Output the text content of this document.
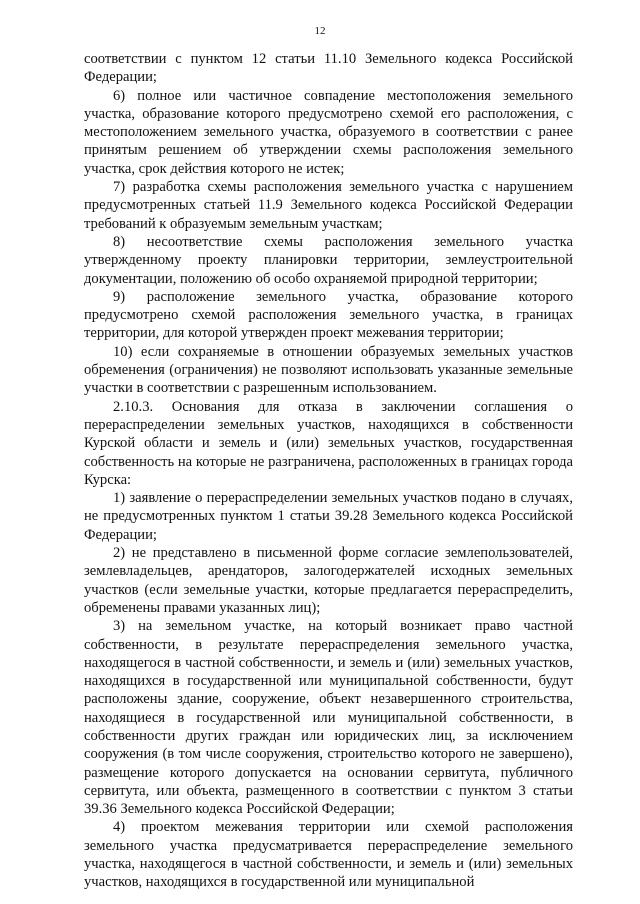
12

соответствии с пунктом 12 статьи 11.10 Земельного кодекса Российской Федерации;

6) полное или частичное совпадение местоположения земельного участка, образование которого предусмотрено схемой его расположения, с местоположением земельного участка, образуемого в соответствии с ранее принятым решением об утверждении схемы расположения земельного участка, срок действия которого не истек;

7) разработка схемы расположения земельного участка с нарушением предусмотренных статьей 11.9 Земельного кодекса Российской Федерации требований к образуемым земельным участкам;

8) несоответствие схемы расположения земельного участка утвержденному проекту планировки территории, землеустроительной документации, положению об особо охраняемой природной территории;

9) расположение земельного участка, образование которого предусмотрено схемой расположения земельного участка, в границах территории, для которой утвержден проект межевания территории;

10) если сохраняемые в отношении образуемых земельных участков обременения (ограничения) не позволяют использовать указанные земельные участки в соответствии с разрешенным использованием.

2.10.3. Основания для отказа в заключении соглашения о перераспределении земельных участков, находящихся в собственности Курской области и земель и (или) земельных участков, государственная собственность на которые не разграничена, расположенных в границах города Курска:

1) заявление о перераспределении земельных участков подано в случаях, не предусмотренных пунктом 1 статьи 39.28 Земельного кодекса Российской Федерации;

2) не представлено в письменной форме согласие землепользователей, землевладельцев, арендаторов, залогодержателей исходных земельных участков (если земельные участки, которые предлагается перераспределить, обременены правами указанных лиц);

3) на земельном участке, на который возникает право частной собственности, в результате перераспределения земельного участка, находящегося в частной собственности, и земель и (или) земельных участков, находящихся в государственной или муниципальной собственности, будут расположены здание, сооружение, объект незавершенного строительства, находящиеся в государственной или муниципальной собственности, в собственности других граждан или юридических лиц, за исключением сооружения (в том числе сооружения, строительство которого не завершено), размещение которого допускается на основании сервитута, публичного сервитута, или объекта, размещенного в соответствии с пунктом 3 статьи 39.36 Земельного кодекса Российской Федерации;

4) проектом межевания территории или схемой расположения земельного участка предусматривается перераспределение земельного участка, находящегося в частной собственности, и земель и (или) земельных участков, находящихся в государственной или муниципальной
